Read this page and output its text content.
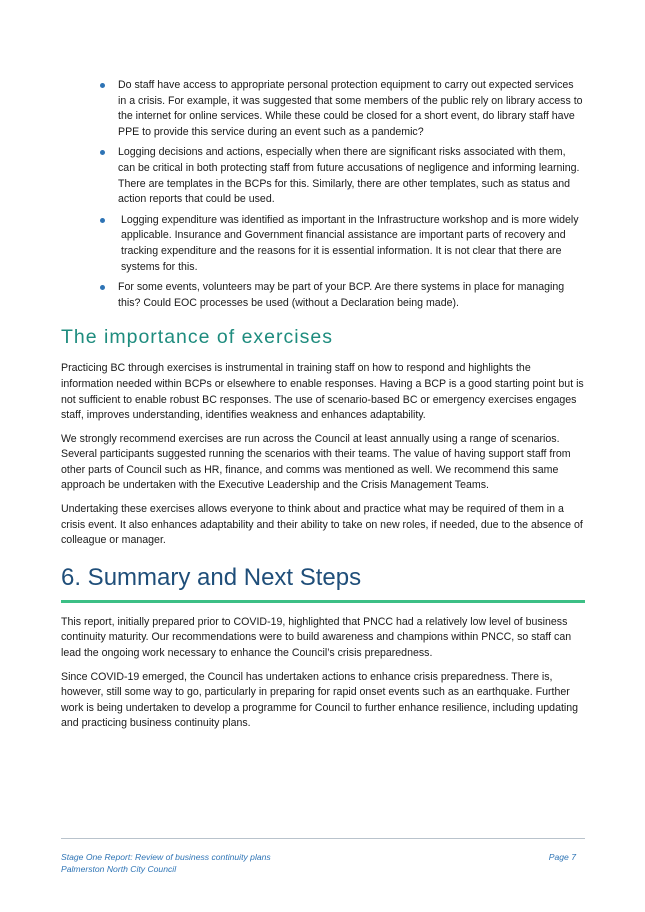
Do staff have access to appropriate personal protection equipment to carry out expected services in a crisis. For example, it was suggested that some members of the public rely on library access to the internet for online services. While these could be closed for a short event, do library staff have PPE to provide this service during an event such as a pandemic?
Logging decisions and actions, especially when there are significant risks associated with them, can be critical in both protecting staff from future accusations of negligence and informing learning. There are templates in the BCPs for this. Similarly, there are other templates, such as status and action reports that could be used.
Logging expenditure was identified as important in the Infrastructure workshop and is more widely applicable. Insurance and Government financial assistance are important parts of recovery and tracking expenditure and the reasons for it is essential information. It is not clear that there are systems for this.
For some events, volunteers may be part of your BCP. Are there systems in place for managing this? Could EOC processes be used (without a Declaration being made).
The importance of exercises

Practicing BC through exercises is instrumental in training staff on how to respond and highlights the information needed within BCPs or elsewhere to enable responses. Having a BCP is a good starting point but is not sufficient to enable robust BC responses. The use of scenario-based BC or emergency exercises engages staff, improves understanding, identifies weakness and enhances adaptability.

We strongly recommend exercises are run across the Council at least annually using a range of scenarios. Several participants suggested running the scenarios with their teams. The value of having support staff from other parts of Council such as HR, finance, and comms was mentioned as well. We recommend this same approach be undertaken with the Executive Leadership and the Crisis Management Teams.

Undertaking these exercises allows everyone to think about and practice what may be required of them in a crisis event. It also enhances adaptability and their ability to take on new roles, if needed, due to the absence of colleague or manager.

6. Summary and Next Steps

This report, initially prepared prior to COVID-19, highlighted that PNCC had a relatively low level of business continuity maturity. Our recommendations were to build awareness and champions within PNCC, so staff can lead the ongoing work necessary to enhance the Council’s crisis preparedness.

Since COVID-19 emerged, the Council has undertaken actions to enhance crisis preparedness. There is, however, still some way to go, particularly in preparing for rapid onset events such as an earthquake. Further work is being undertaken to develop a programme for Council to further enhance resilience, including updating and practicing business continuity plans.

Stage One Report: Review of business continuity plans
Palmerston North City Council
Page 7
